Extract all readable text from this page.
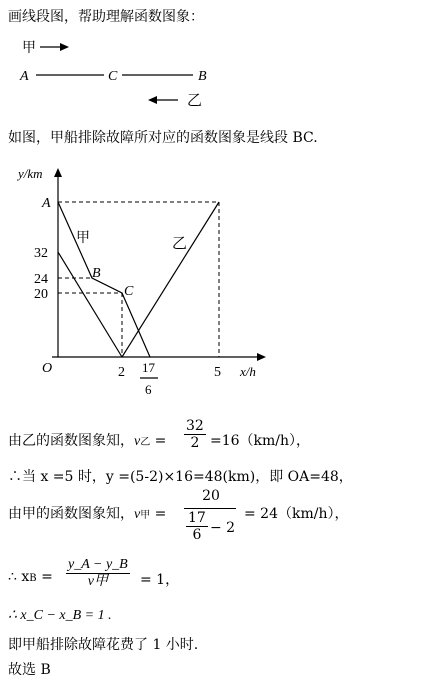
画线段图，帮助理解函数图象：
甲
A	C	B
乙
如图，甲船排除故障所对应的函数图象是线段 BC.
y/km
x/h
O
A
32
24
20
2	5
17
6
甲	乙
B
C
由乙的函数图象知，v乙 = $\frac{32}{2} =16(km/h)$，
∴当 x =5 时，y =(5-2)×16=48(km)，即 OA=48，
由甲的函数图象知，v甲 =
20
$\frac{17}{6} - 2$
= 24（km/h），
∴ xB =
y_A − y_B
v甲	= 1，
∴ x_C − x_B = 1 .
即甲船排除故障花费了 1 小时.
故选 B
